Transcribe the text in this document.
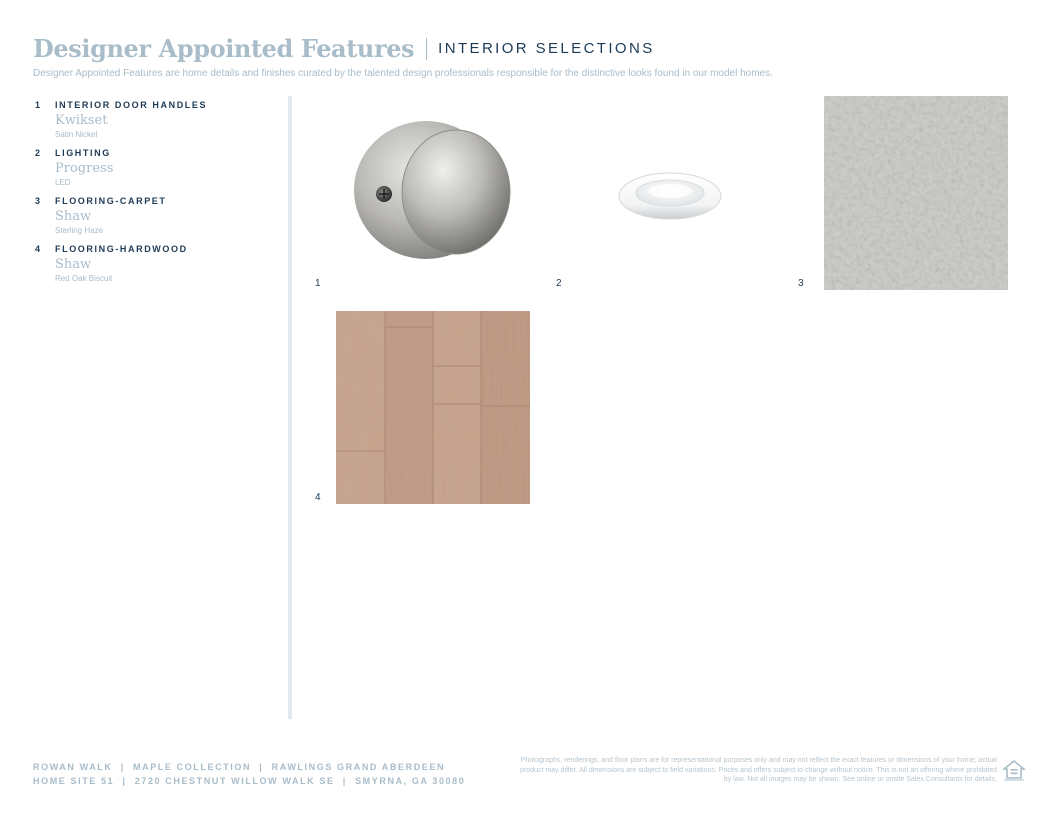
Designer Appointed Features INTERIOR SELECTIONS
Designer Appointed Features are home details and finishes curated by the talented design professionals responsible for the distinctive looks found in our model homes.
1	INTERIOR DOOR HANDLES
Kwikset
Satin Nickel
2	LIGHTING
Progress
LED
3	FLOORING-CARPET
Shaw
Sterling Haze
4	FLOORING-HARDWOOD
Shaw
Red Oak Biscuit	1	2	3
4
ROWAN WALK  |  MAPLE COLLECTION  |  RAWLINGS GRAND ABERDEEN
HOME SITE 51  |  2720 CHESTNUT WILLOW WALK SE  |  SMYRNA, GA 30080
Photographs, renderings, and floor plans are for representational purposes only and may not reflect the exact features or dimensions of your home; actual product may differ. All dimensions are subject to field variations. Prices and offers subject to change without notice. This is not an offering where prohibited by law. Not all images may be shown. See online or onsite Sales Consultants for details.
